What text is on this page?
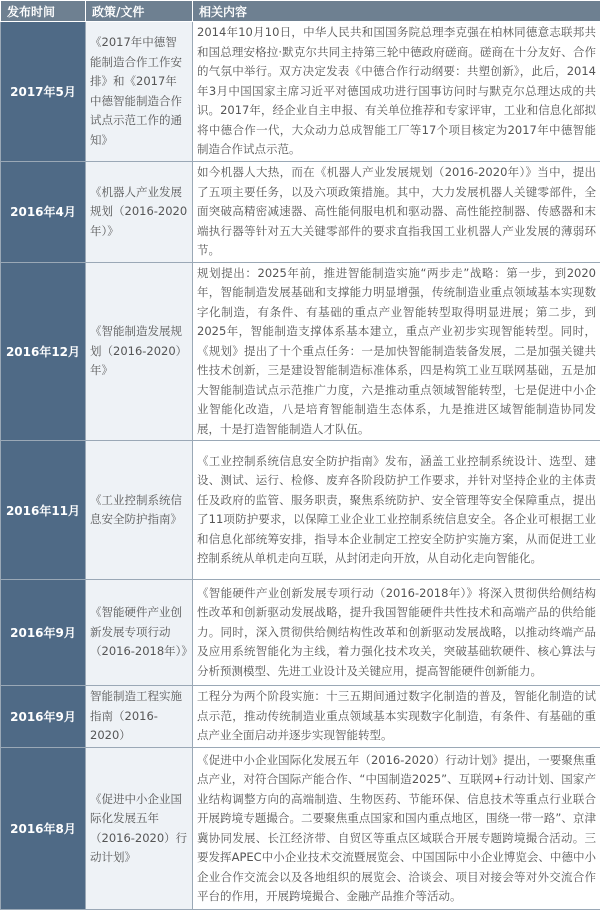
发布时间	政策/文件	相关内容
2017年5月	《2017年中德智能制造合作工作安排》和《2017年中德智能制造合作试点示范工作的通知》	2014年10月10日，中华人民共和国国务院总理李克强在柏林同德意志联邦共和国总理安格拉·默克尔共同主持第三轮中德政府磋商。磋商在十分友好、合作的气氛中举行。双方决定发表《中德合作行动纲要：共塑创新》，此后，2014年3月中国国家主席习近平对德国成功进行国事访问时与默克尔总理达成的共识。2017年，经企业自主申报、有关单位推荐和专家评审，工业和信息化部拟将中德合作一代，大众动力总成智能工厂等17个项目核定为2017年中德智能制造合作试点示范。
2016年4月	《机器人产业发展规划（2016-2020年）》	如今机器人大热，而在《机器人产业发展规划（2016-2020年）》当中，提出了五项主要任务，以及六项政策措施。其中，大力发展机器人关键零部件，全面突破高精密减速器、高性能伺服电机和驱动器、高性能控制器、传感器和末端执行器等针对五大关键零部件的要求直指我国工业机器人产业发展的薄弱环节。
2016年12月	《智能制造发展规划（2016-2020）年》	规划提出：2025年前，推进智能制造实施“两步走”战略：第一步，到2020年，智能制造发展基础和支撑能力明显增强，传统制造业重点领域基本实现数字化制造，有条件、有基础的重点产业智能转型取得明显进展；第二步，到2025年，智能制造支撑体系基本建立，重点产业初步实现智能转型。同时，《规划》提出了十个重点任务：一是加快智能制造装备发展，二是加强关键共性技术创新，三是建设智能制造标准体系，四是构筑工业互联网基础，五是加大智能制造试点示范推广力度，六是推动重点领域智能转型，七是促进中小企业智能化改造，八是培育智能制造生态体系，九是推进区域智能制造协同发展，十是打造智能制造人才队伍。
2016年11月	《工业控制系统信息安全防护指南》	《工业控制系统信息安全防护指南》发布，涵盖工业控制系统设计、选型、建设、测试、运行、检修、废弃各阶段防护工作要求，并针对坚持企业的主体责任及政府的监管、服务职责，聚焦系统防护、安全管理等安全保障重点，提出了11项防护要求，以保障工业企业工业控制系统信息安全。各企业可根据工业和信息化部统筹安排，指导本企业制定工控安全防护实施方案，从而促进工业控制系统从单机走向互联，从封闭走向开放，从自动化走向智能化。
2016年9月	《智能硬件产业创新发展专项行动（2016-2018年）》	《智能硬件产业创新发展专项行动（2016-2018年）》将深入贯彻供给侧结构性改革和创新驱动发展战略，提升我国智能硬件共性技术和高端产品的供给能力。同时，深入贯彻供给侧结构性改革和创新驱动发展战略，以推动终端产品及应用系统智能化为主线，着力强化技术攻关，突破基础软硬件、核心算法与分析预测模型、先进工业设计及关键应用，提高智能硬件创新能力。
2016年9月	智能制造工程实施指南（2016-2020）	工程分为两个阶段实施：十三五期间通过数字化制造的普及，智能化制造的试点示范，推动传统制造业重点领域基本实现数字化制造，有条件、有基础的重点产业全面启动并逐步实现智能转型。
2016年8月	《促进中小企业国际化发展五年（2016-2020）行动计划》	《促进中小企业国际化发展五年（2016-2020）行动计划》提出，一要聚焦重点产业，对符合国际产能合作、“中国制造2025”、互联网+行动计划、国家产业结构调整方向的高端制造、生物医药、节能环保、信息技术等重点行业联合开展跨境专题撮合。二要聚焦重点国家和国内重点地区，围绕一带一路”、京津冀协同发展、长江经济带、自贸区等重点区域联合开展专题跨境撮合活动。三要发挥APEC中小企业技术交流暨展览会、中国国际中小企业博览会、中德中小企业合作交流会以及各地组织的展览会、洽谈会、项目对接会等对外交流合作平台的作用，开展跨境撮合、金融产品推介等活动。
